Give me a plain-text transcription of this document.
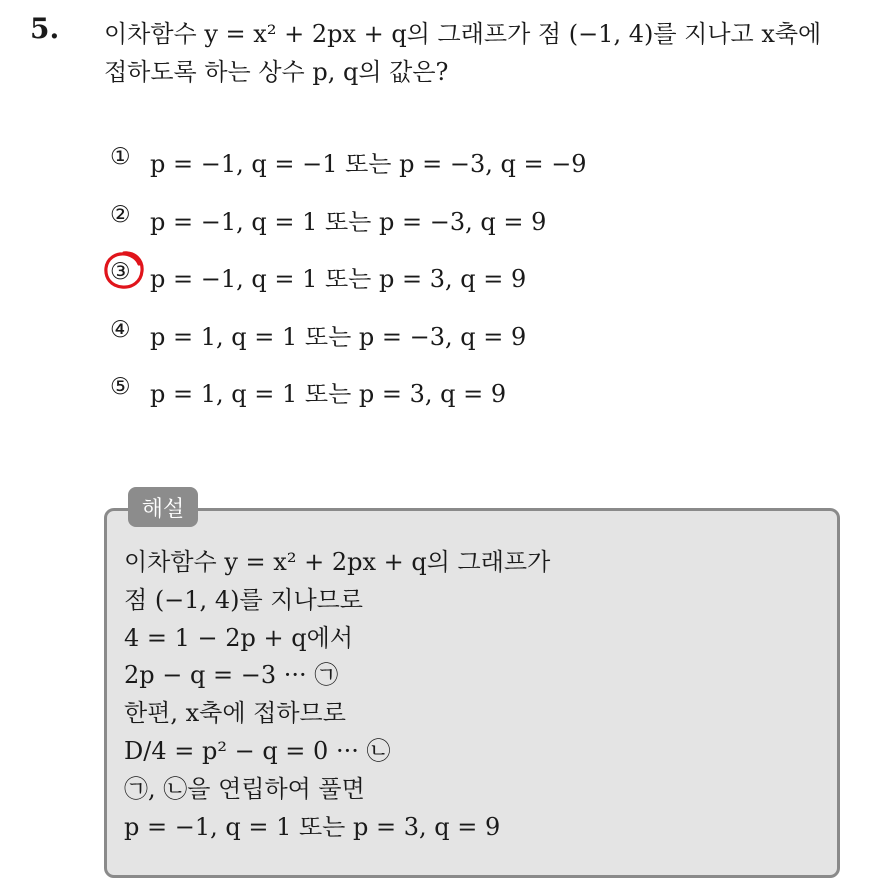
5. 이차함수 y = x² + 2px + q의 그래프가 점 (−1, 4)를 지나고 x축에
접하도록 하는 상수 p, q의 값은?
① p = −1, q = −1 또는 p = −3, q = −9
② p = −1, q = 1 또는 p = −3, q = 9
③ p = −1, q = 1 또는 p = 3, q = 9
④ p = 1, q = 1 또는 p = −3, q = 9
⑤ p = 1, q = 1 또는 p = 3, q = 9
해설
이차함수 y = x² + 2px + q의 그래프가
점 (−1, 4)를 지나므로
4 = 1 − 2p + q에서
2p − q = −3 ··· ㉠
한편, x축에 접하므로
D/4 = p² − q = 0 ··· ㉡
㉠, ㉡을 연립하여 풀면
p = −1, q = 1 또는 p = 3, q = 9
